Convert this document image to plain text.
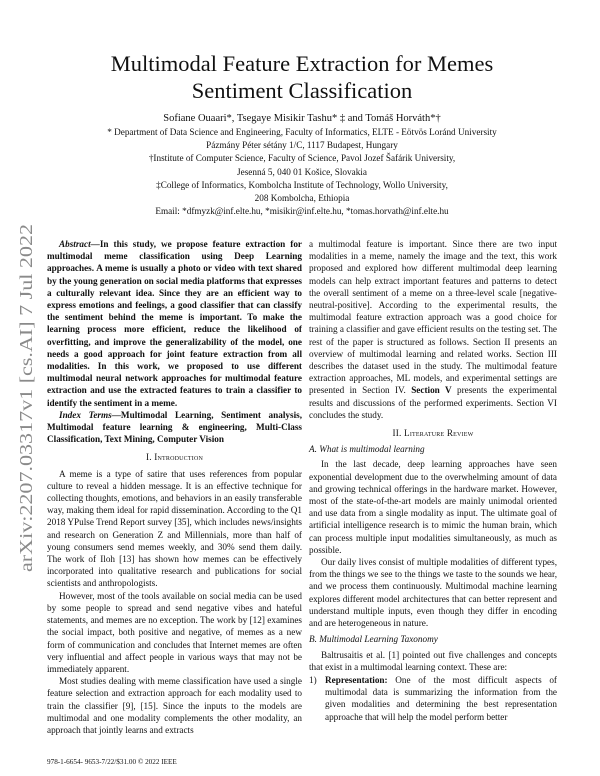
arXiv:2207.03317v1 [cs.AI] 7 Jul 2022
Multimodal Feature Extraction for Memes
Sentiment Classification
Sofiane Ouaari*, Tsegaye Misikir Tashu* ‡ and Tomáš Horváth*†
* Department of Data Science and Engineering, Faculty of Informatics, ELTE - Eötvös Loránd University
Pázmány Péter sétány 1/C, 1117 Budapest, Hungary
†Institute of Computer Science, Faculty of Science, Pavol Jozef Šafárik University,
Jesenná 5, 040 01 Košice, Slovakia
‡College of Informatics, Kombolcha Institute of Technology, Wollo University,
208 Kombolcha, Ethiopia
Email: *dfmyzk@inf.elte.hu, *misikir@inf.elte.hu, *tomas.horvath@inf.elte.hu

Abstract—In this study, we propose feature extraction for multimodal meme classification using Deep Learning approaches. A meme is usually a photo or video with text shared by the young generation on social media platforms that expresses a culturally relevant idea. Since they are an efficient way to express emotions and feelings, a good classifier that can classify the sentiment behind the meme is important. To make the learning process more efficient, reduce the likelihood of overfitting, and improve the generalizability of the model, one needs a good approach for joint feature extraction from all modalities. In this work, we proposed to use different multimodal neural network approaches for multimodal feature extraction and use the extracted features to train a classifier to identify the sentiment in a meme.

Index Terms—Multimodal Learning, Sentiment analysis, Multimodal feature learning & engineering, Multi-Class Classification, Text Mining, Computer Vision

I. Introduction

A meme is a type of satire that uses references from popular culture to reveal a hidden message. It is an effective technique for collecting thoughts, emotions, and behaviors in an easily transferable way, making them ideal for rapid dissemination. According to the Q1 2018 YPulse Trend Report survey [35], which includes news/insights and research on Generation Z and Millennials, more than half of young consumers send memes weekly, and 30% send them daily. The work of Iloh [13] has shown how memes can be effectively incorporated into qualitative research and publications for social scientists and anthropologists.

However, most of the tools available on social media can be used by some people to spread and send negative vibes and hateful statements, and memes are no exception. The work by [12] examines the social impact, both positive and negative, of memes as a new form of communication and concludes that Internet memes are often very influential and affect people in various ways that may not be immediately apparent.

Most studies dealing with meme classification have used a single feature selection and extraction approach for each modality used to train the classifier [9], [15]. Since the inputs to the models are multimodal and one modality complements the other modality, an approach that jointly learns and extracts

a multimodal feature is important. Since there are two input modalities in a meme, namely the image and the text, this work proposed and explored how different multimodal deep learning models can help extract important features and patterns to detect the overall sentiment of a meme on a three-level scale [negative-neutral-positive]. According to the experimental results, the multimodal feature extraction approach was a good choice for training a classifier and gave efficient results on the testing set. The rest of the paper is structured as follows. Section II presents an overview of multimodal learning and related works. Section III describes the dataset used in the study. The multimodal feature extraction approaches, ML models, and experimental settings are presented in Section IV. Section V presents the experimental results and discussions of the performed experiments. Section VI concludes the study.

II. Literature Review
A. What is multimodal learning

In the last decade, deep learning approaches have seen exponential development due to the overwhelming amount of data and growing technical offerings in the hardware market. However, most of the state-of-the-art models are mainly unimodal oriented and use data from a single modality as input. The ultimate goal of artificial intelligence research is to mimic the human brain, which can process multiple input modalities simultaneously, as much as possible.

Our daily lives consist of multiple modalities of different types, from the things we see to the things we taste to the sounds we hear, and we process them continuously. Multimodal machine learning explores different model architectures that can better represent and understand multiple inputs, even though they differ in encoding and are heterogeneous in nature.

B. Multimodal Learning Taxonomy

Baltrusaitis et al. [1] pointed out five challenges and concepts that exist in a multimodal learning context. These are:

1) Representation: One of the most difficult aspects of multimodal data is summarizing the information from the given modalities and determining the best representation approache that will help the model perform better
978-1-6654- 9653-7/22/$31.00 © 2022 IEEE
